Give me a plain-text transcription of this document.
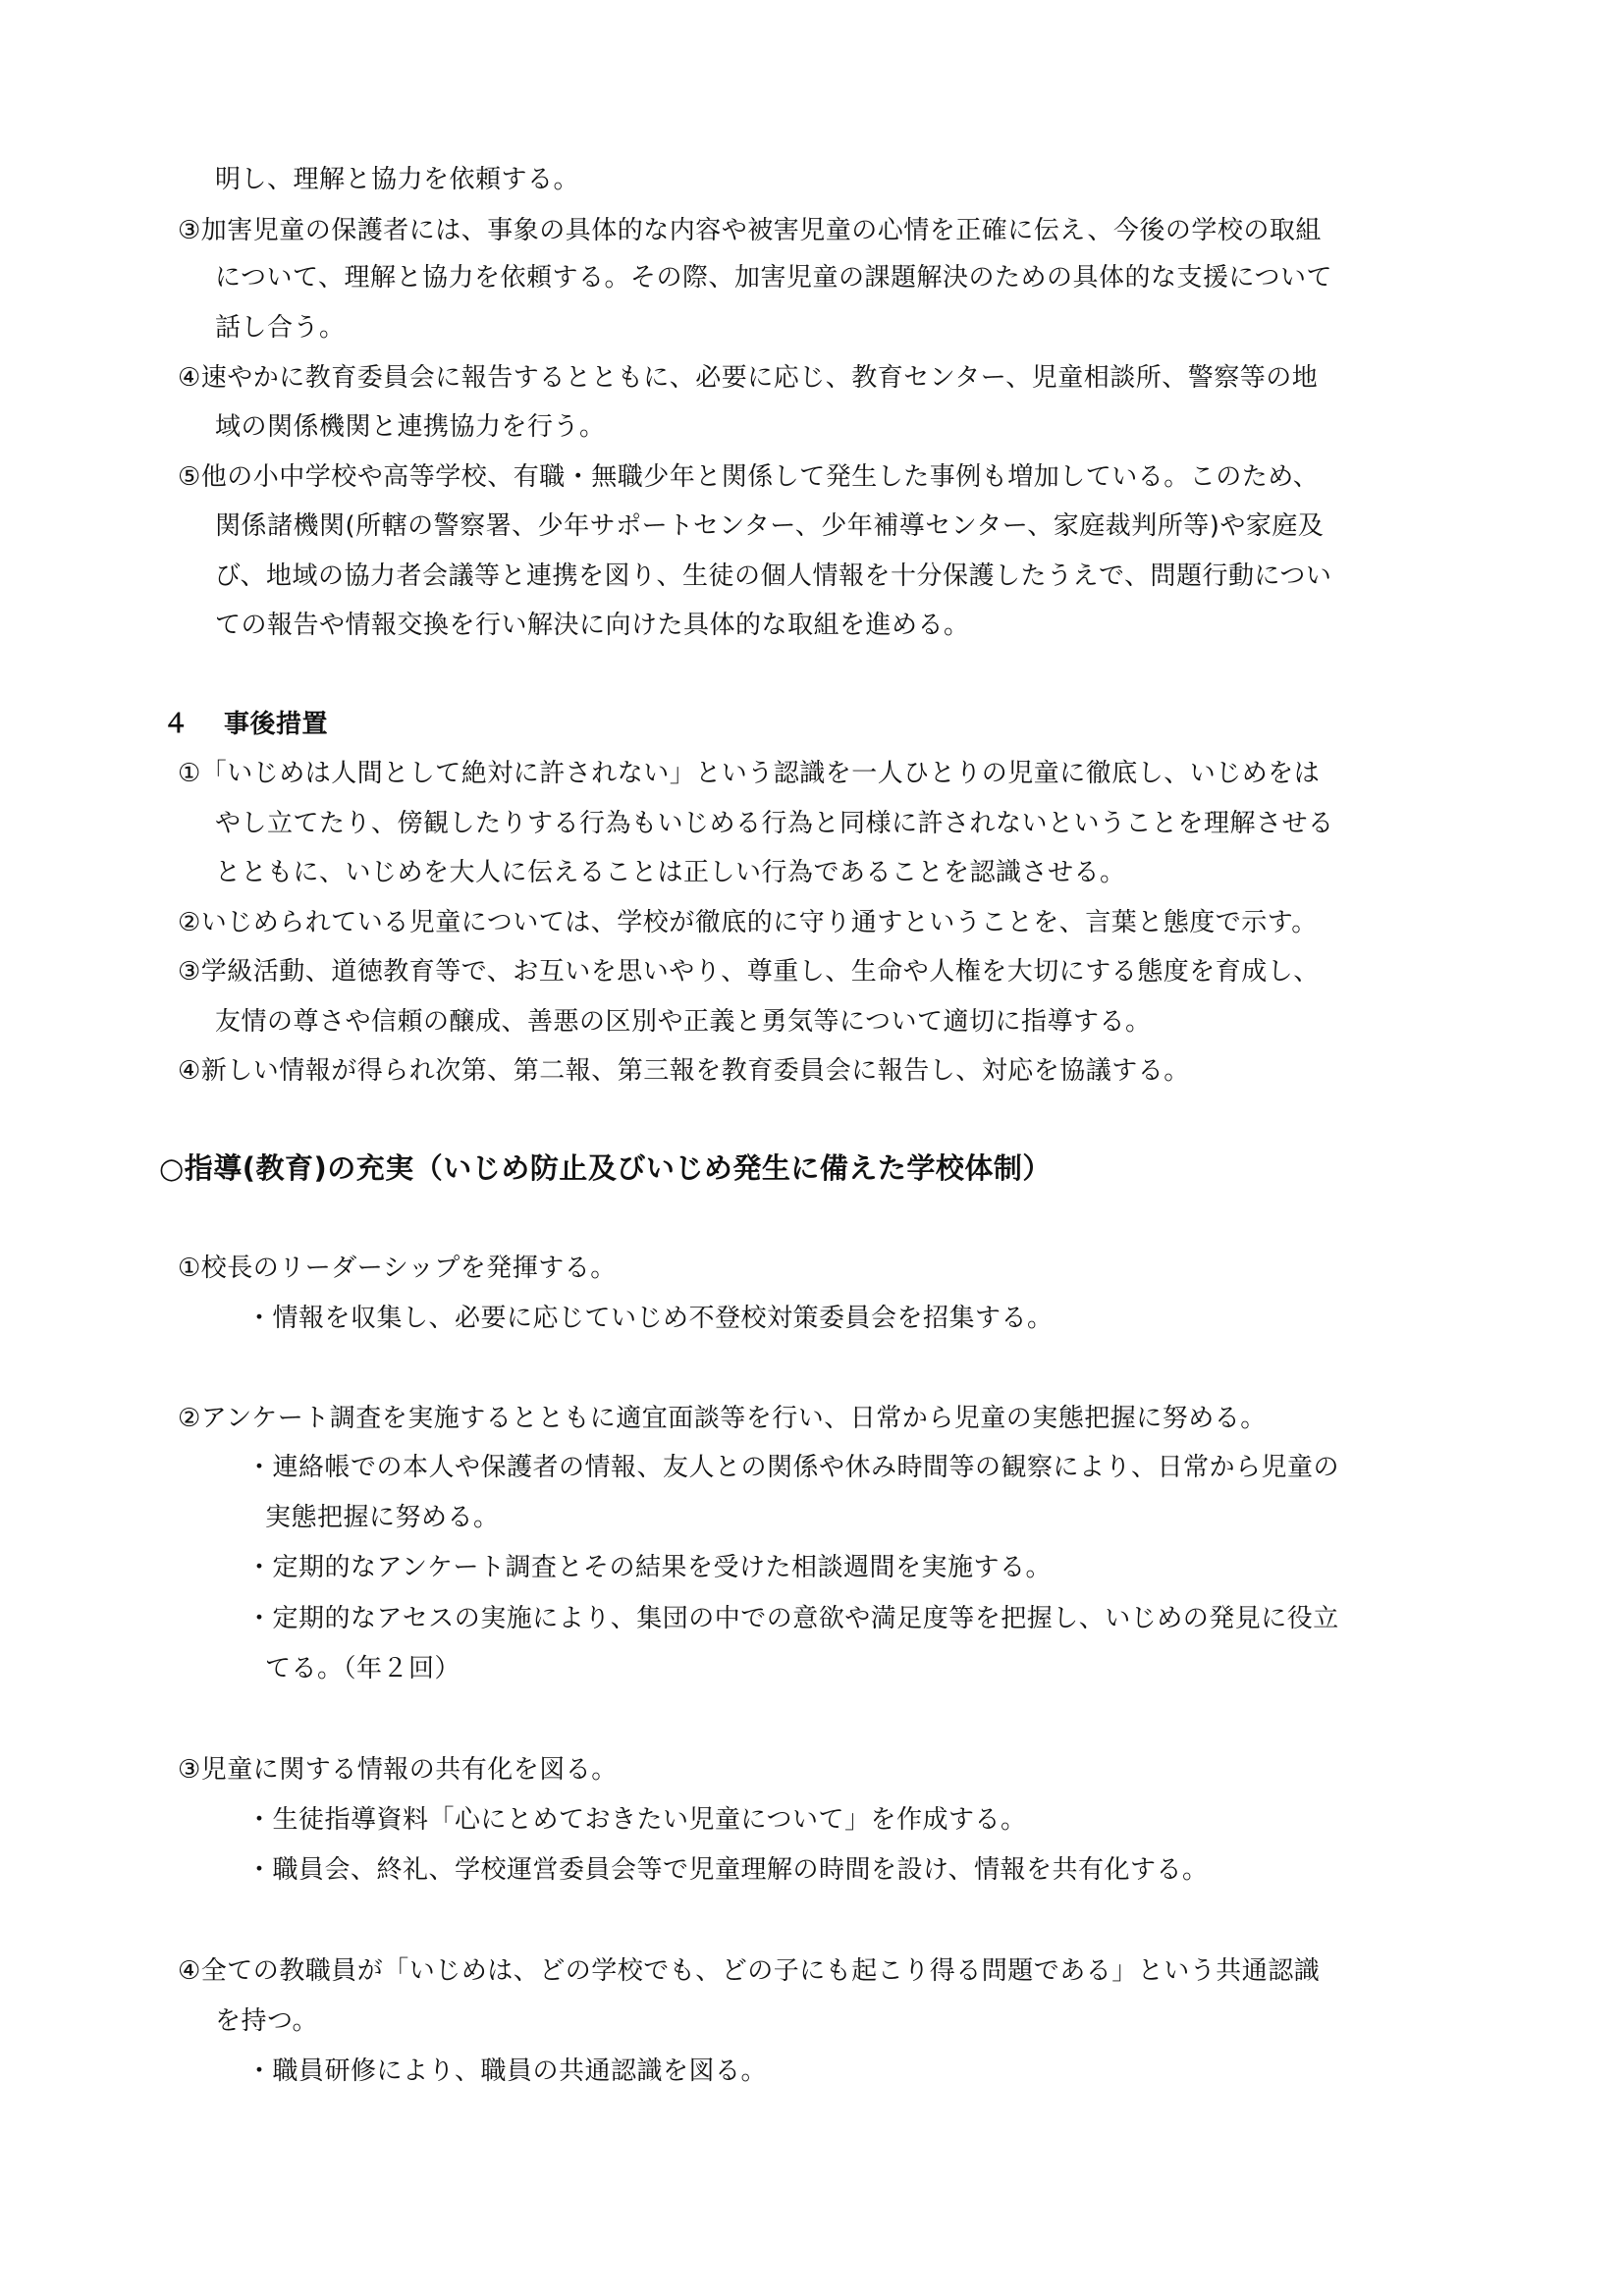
明し、理解と協力を依頼する。
③加害児童の保護者には、事象の具体的な内容や被害児童の心情を正確に伝え、今後の学校の取組
について、理解と協力を依頼する。その際、加害児童の課題解決のための具体的な支援について
話し合う。
④速やかに教育委員会に報告するとともに、必要に応じ、教育センター、児童相談所、警察等の地
域の関係機関と連携協力を行う。
⑤他の小中学校や高等学校、有職・無職少年と関係して発生した事例も増加している。このため、
関係諸機関(所轄の警察署、少年サポートセンター、少年補導センター、家庭裁判所等)や家庭及
び、地域の協力者会議等と連携を図り、生徒の個人情報を十分保護したうえで、問題行動につい
ての報告や情報交換を行い解決に向けた具体的な取組を進める。
４ 事後措置
①「いじめは人間として絶対に許されない」という認識を一人ひとりの児童に徹底し、いじめをは
やし立てたり、傍観したりする行為もいじめる行為と同様に許されないということを理解させる
とともに、いじめを大人に伝えることは正しい行為であることを認識させる。
②いじめられている児童については、学校が徹底的に守り通すということを、言葉と態度で示す。
③学級活動、道徳教育等で、お互いを思いやり、尊重し、生命や人権を大切にする態度を育成し、
友情の尊さや信頼の醸成、善悪の区別や正義と勇気等について適切に指導する。
④新しい情報が得られ次第、第二報、第三報を教育委員会に報告し、対応を協議する。
○指導(教育)の充実（いじめ防止及びいじめ発生に備えた学校体制）
①校長のリーダーシップを発揮する。
・情報を収集し、必要に応じていじめ不登校対策委員会を招集する。
②アンケート調査を実施するとともに適宜面談等を行い、日常から児童の実態把握に努める。
・連絡帳での本人や保護者の情報、友人との関係や休み時間等の観察により、日常から児童の
実態把握に努める。
・定期的なアンケート調査とその結果を受けた相談週間を実施する。
・定期的なアセスの実施により、集団の中での意欲や満足度等を把握し、いじめの発見に役立
てる。（年２回）
③児童に関する情報の共有化を図る。
・生徒指導資料「心にとめておきたい児童について」を作成する。
・職員会、終礼、学校運営委員会等で児童理解の時間を設け、情報を共有化する。
④全ての教職員が「いじめは、どの学校でも、どの子にも起こり得る問題である」という共通認識
を持つ。
・職員研修により、職員の共通認識を図る。
